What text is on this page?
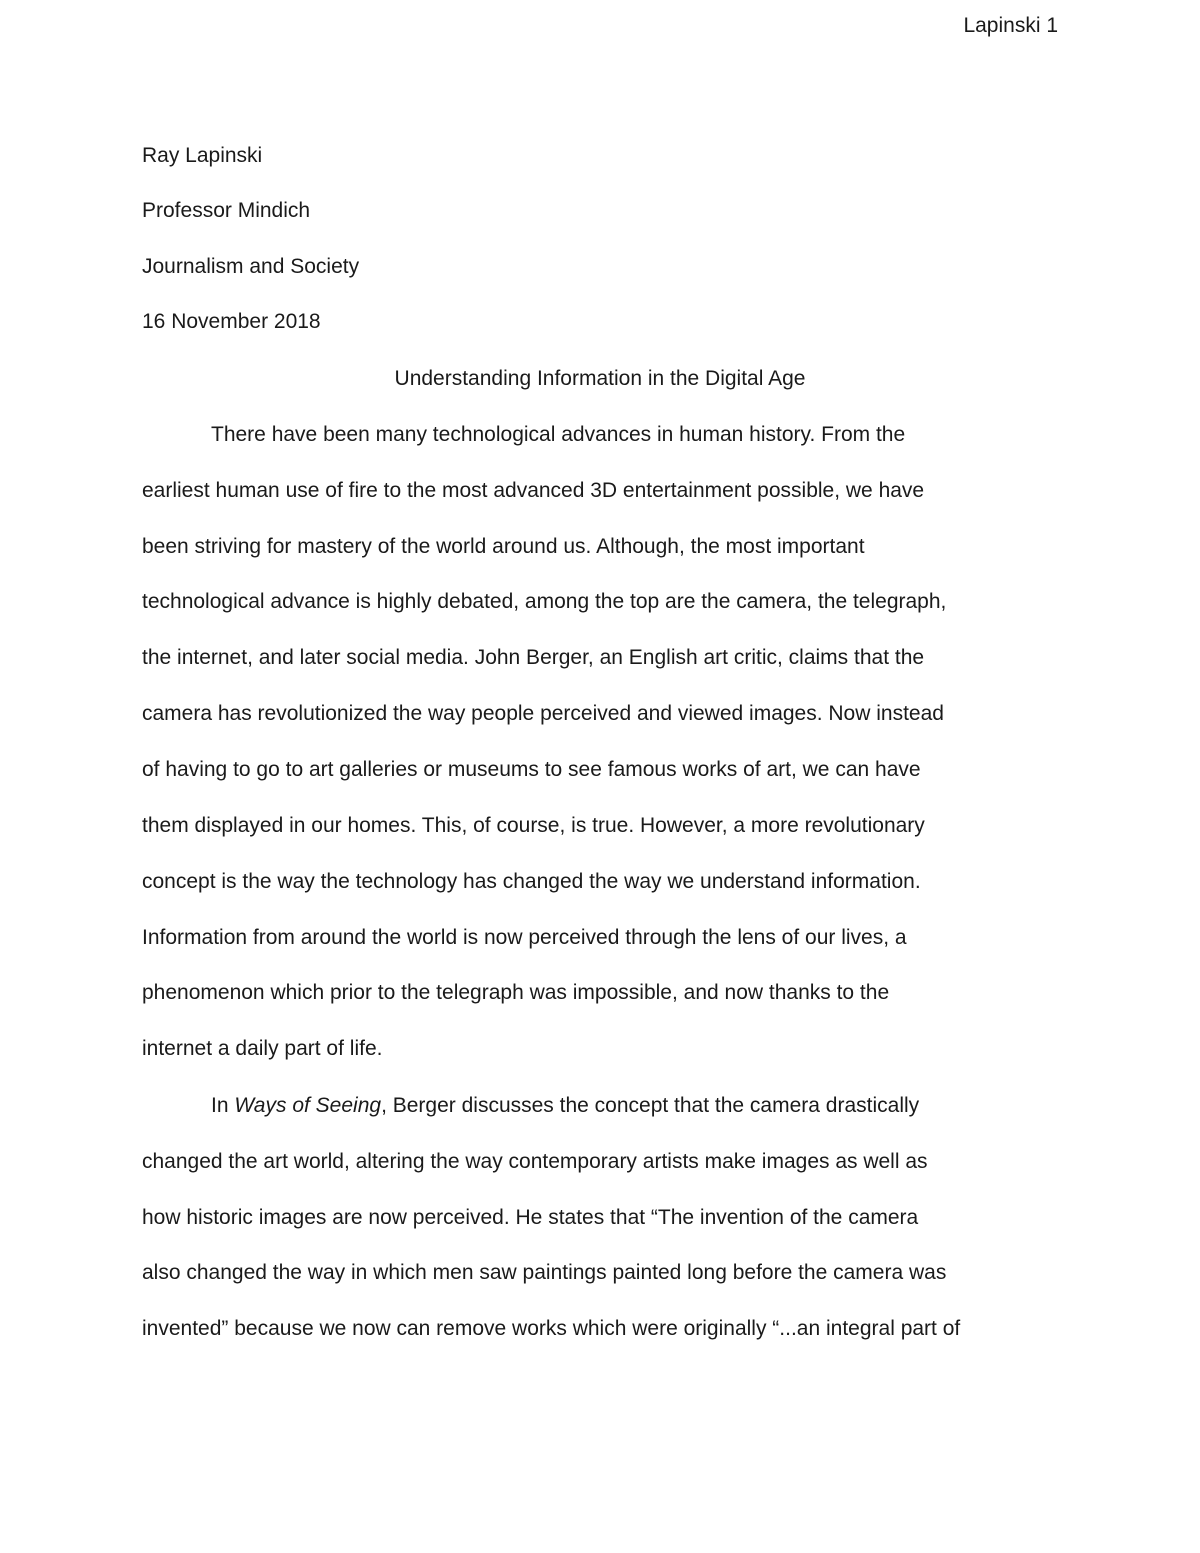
Lapinski 1
Ray Lapinski
Professor Mindich
Journalism and Society
16 November 2018
Understanding Information in the Digital Age
There have been many technological advances in human history. From the
earliest human use of fire to the most advanced 3D entertainment possible, we have
been striving for mastery of the world around us. Although, the most important
technological advance is highly debated, among the top are the camera, the telegraph,
the internet, and later social media. John Berger, an English art critic, claims that the
camera has revolutionized the way people perceived and viewed images. Now instead
of having to go to art galleries or museums to see famous works of art, we can have
them displayed in our homes. This, of course, is true. However, a more revolutionary
concept is the way the technology has changed the way we understand information.
Information from around the world is now perceived through the lens of our lives, a
phenomenon which prior to the telegraph was impossible, and now thanks to the
internet a daily part of life.
In Ways of Seeing, Berger discusses the concept that the camera drastically
changed the art world, altering the way contemporary artists make images as well as
how historic images are now perceived. He states that “The invention of the camera
also changed the way in which men saw paintings painted long before the camera was
invented” because we now can remove works which were originally “...an integral part of
